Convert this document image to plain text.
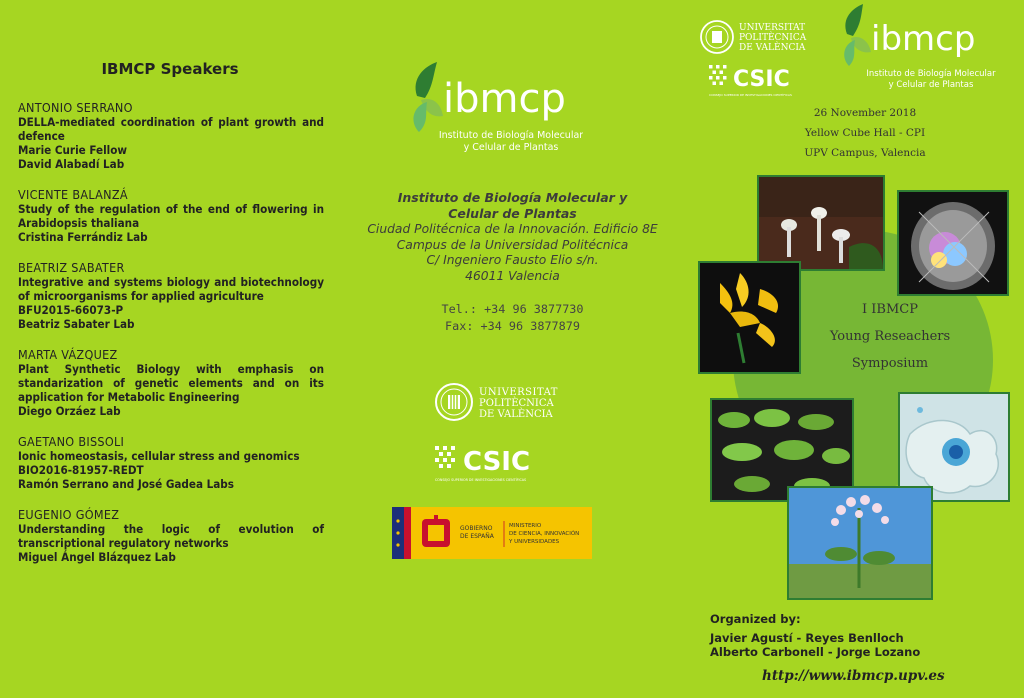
IBMCP Speakers
ANTONIO SERRANO
DELLA-mediated coordination of plant growth and defence
Marie Curie Fellow
David Alabadí Lab
VICENTE BALANZÁ
Study of the regulation of the end of flowering in Arabidopsis thaliana
Cristina Ferrándiz Lab
BEATRIZ SABATER
Integrative and systems biology and biotechnology of microorganisms for applied agriculture
BFU2015-66073-P
Beatriz Sabater Lab
MARTA VÁZQUEZ
Plant Synthetic Biology with emphasis on standarization of genetic elements and on its application for Metabolic Engineering
Diego Orzáez Lab
GAETANO BISSOLI
Ionic homeostasis, cellular stress and genomics
BIO2016-81957-REDT
Ramón Serrano and José Gadea Labs
EUGENIO GÓMEZ
Understanding the logic of evolution of transcriptional regulatory networks
Miguel Ángel Blázquez Lab
ibmcp
Instituto de Biología Molecular
y Celular de Plantas
Instituto de Biología Molecular y
Celular de Plantas
Ciudad Politécnica de la Innovación. Edificio 8E
Campus de la Universidad Politécnica
C/ Ingeniero Fausto Elio s/n.
46011 Valencia
Tel.: +34 96 3877730
Fax: +34 96 3877879
UNIVERSITAT
POLITÈCNICA
DE VALÈNCIA
CSIC
CONSEJO SUPERIOR DE INVESTIGACIONES CIENTÍFICAS
GOBIERNO
DE ESPAÑA
MINISTERIO
DE CIENCIA, INNOVACIÓN
Y UNIVERSIDADES
UNIVERSITAT
POLITÈCNICA
DE VALÈNCIA
CSIC
CONSEJO SUPERIOR DE INVESTIGACIONES CIENTÍFICAS
ibmcp
Instituto de Biología Molecular
y Celular de Plantas
26 November 2018
Yellow Cube Hall - CPI
UPV Campus, Valencia
I IBMCP
Young Reseachers
Symposium
Organized by:
Javier Agustí - Reyes Benlloch
Alberto Carbonell - Jorge Lozano
http://www.ibmcp.upv.es
